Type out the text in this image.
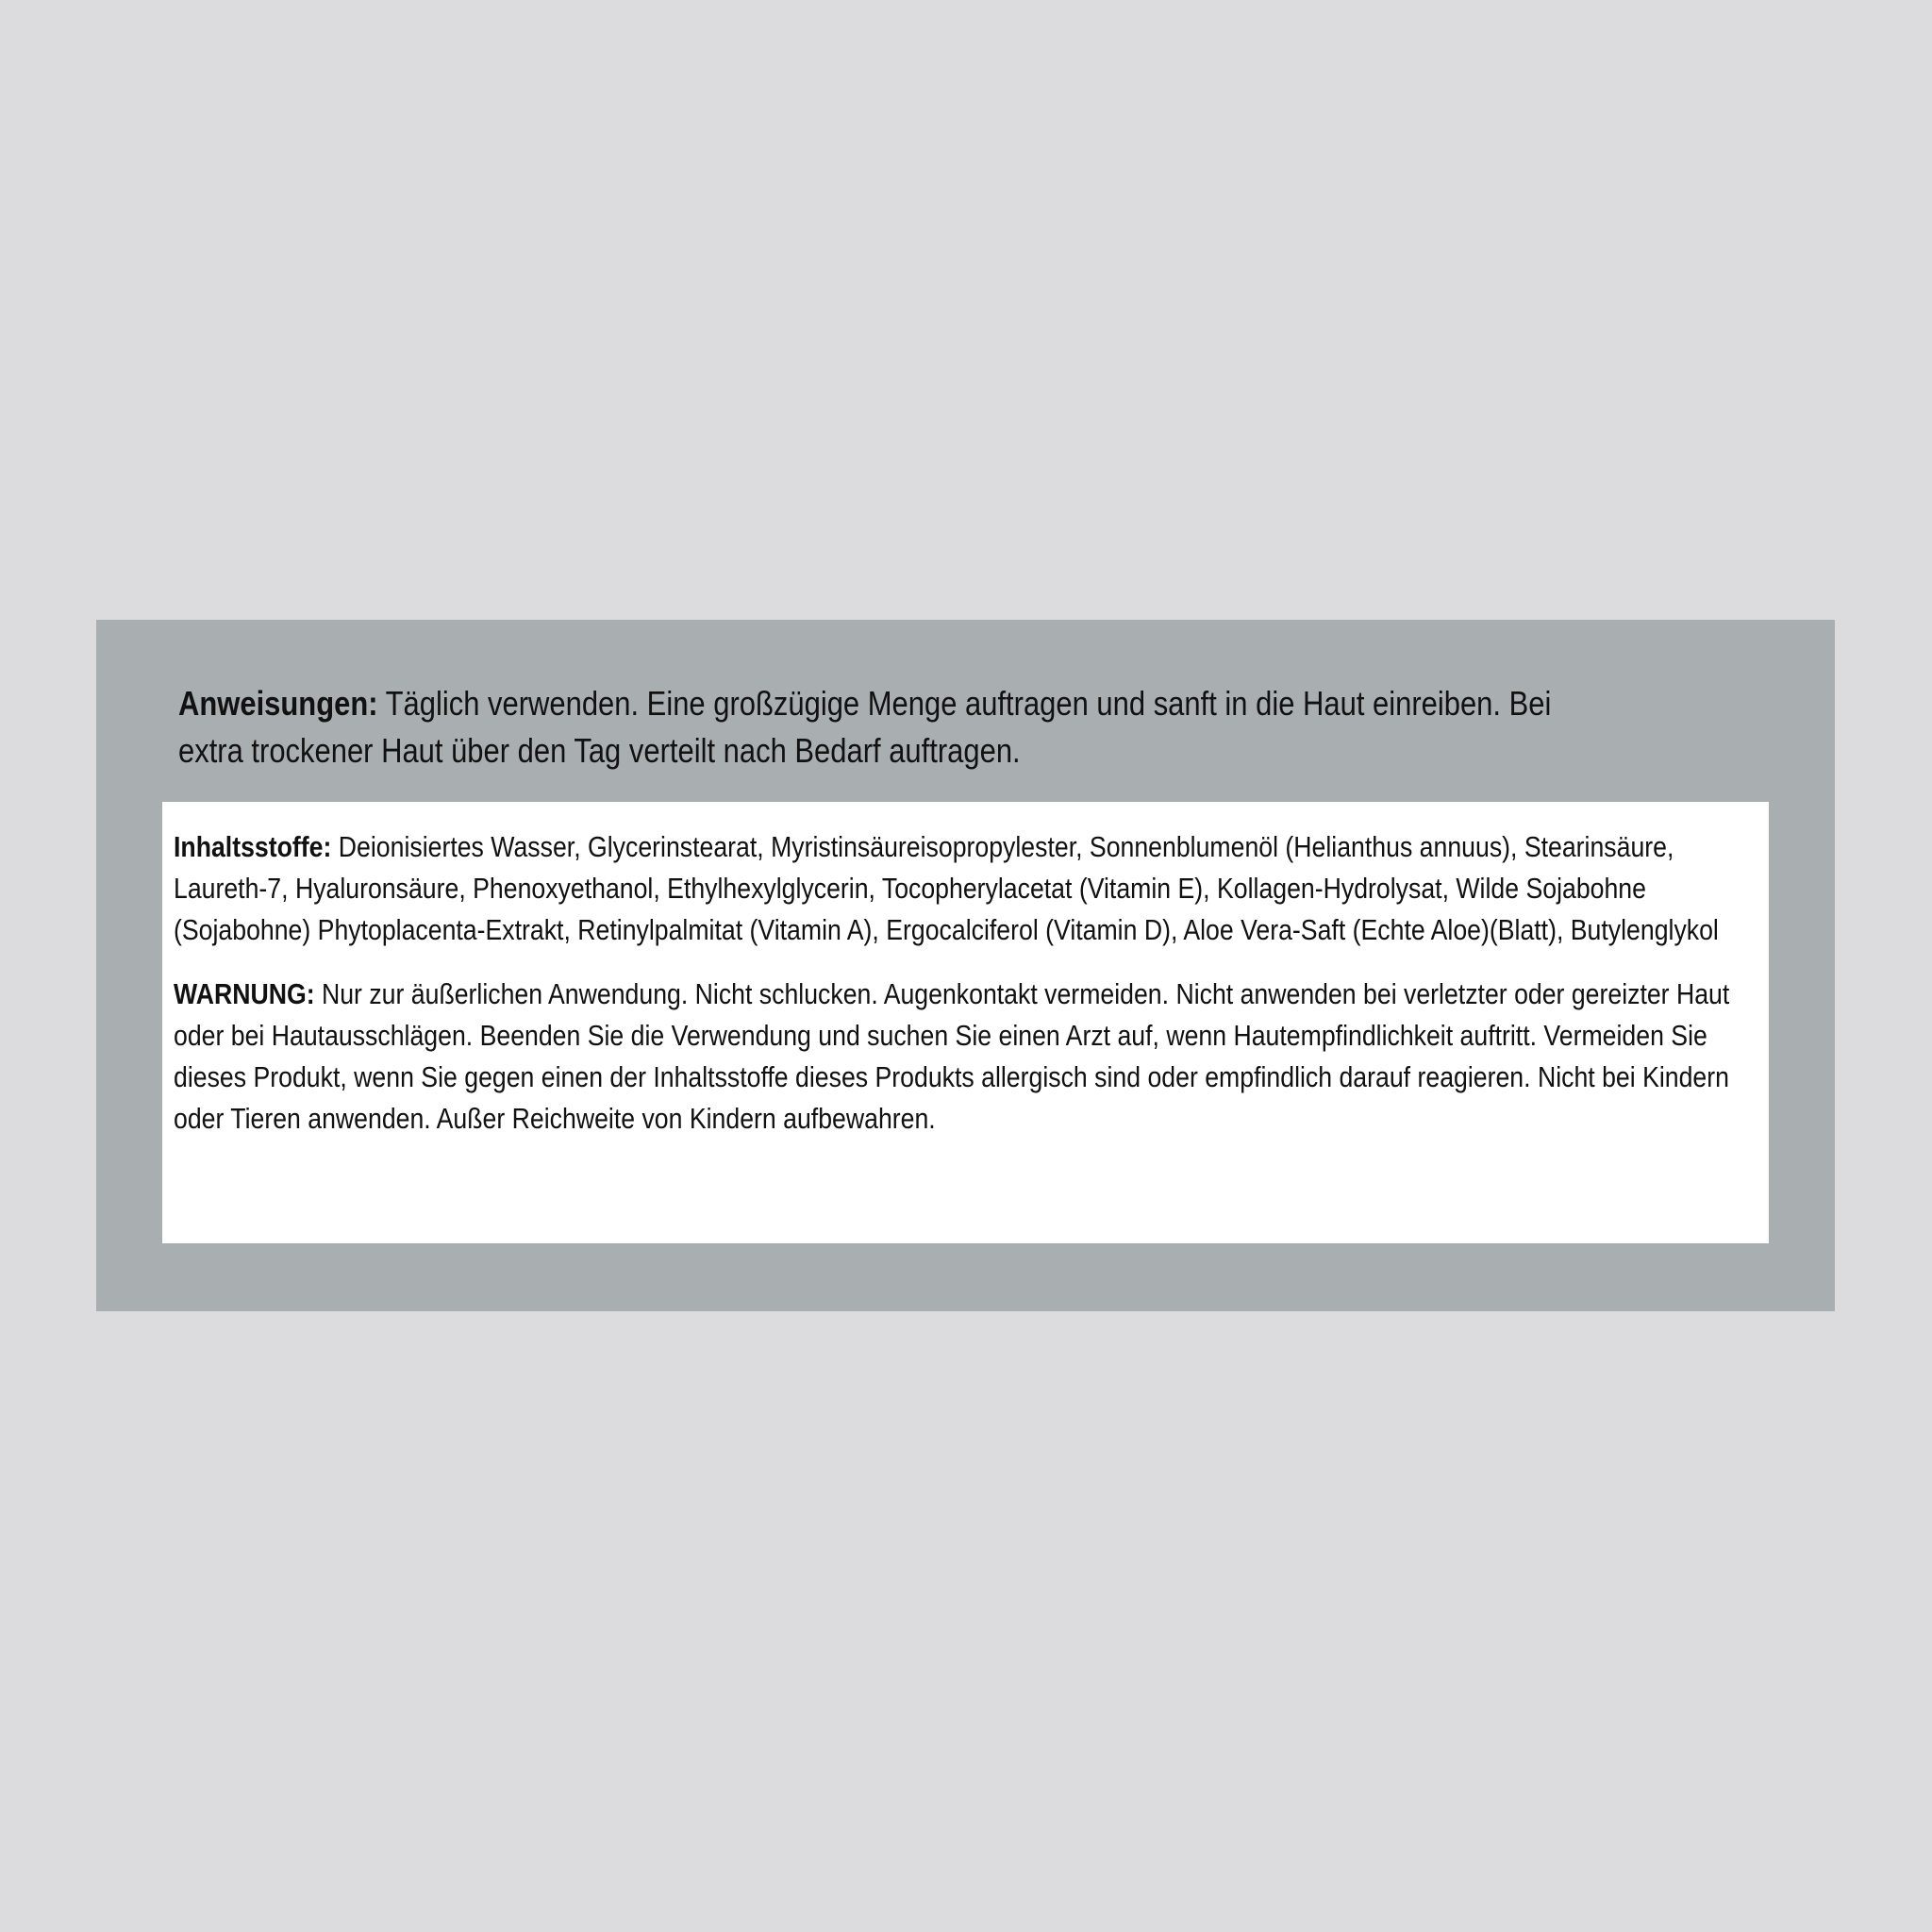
Anweisungen: Täglich verwenden. Eine großzügige Menge auftragen und sanft in die Haut einreiben. Bei extra trockener Haut über den Tag verteilt nach Bedarf auftragen.

Inhaltsstoffe: Deionisiertes Wasser, Glycerinstearat, Myristinsäureisopropylester, Sonnenblumenöl (Helianthus annuus), Stearinsäure, Laureth-7, Hyaluronsäure, Phenoxyethanol, Ethylhexylglycerin, Tocopherylacetat (Vitamin E), Kollagen-Hydrolysat, Wilde Sojabohne (Sojabohne) Phytoplacenta-Extrakt, Retinylpalmitat (Vitamin A), Ergocalciferol (Vitamin D), Aloe Vera-Saft (Echte Aloe)(Blatt), Butylenglykol

WARNUNG: Nur zur äußerlichen Anwendung. Nicht schlucken. Augenkontakt vermeiden. Nicht anwenden bei verletzter oder gereizter Haut oder bei Hautausschlägen. Beenden Sie die Verwendung und suchen Sie einen Arzt auf, wenn Hautempfindlichkeit auftritt. Vermeiden Sie dieses Produkt, wenn Sie gegen einen der Inhaltsstoffe dieses Produkts allergisch sind oder empfindlich darauf reagieren. Nicht bei Kindern oder Tieren anwenden. Außer Reichweite von Kindern aufbewahren.
